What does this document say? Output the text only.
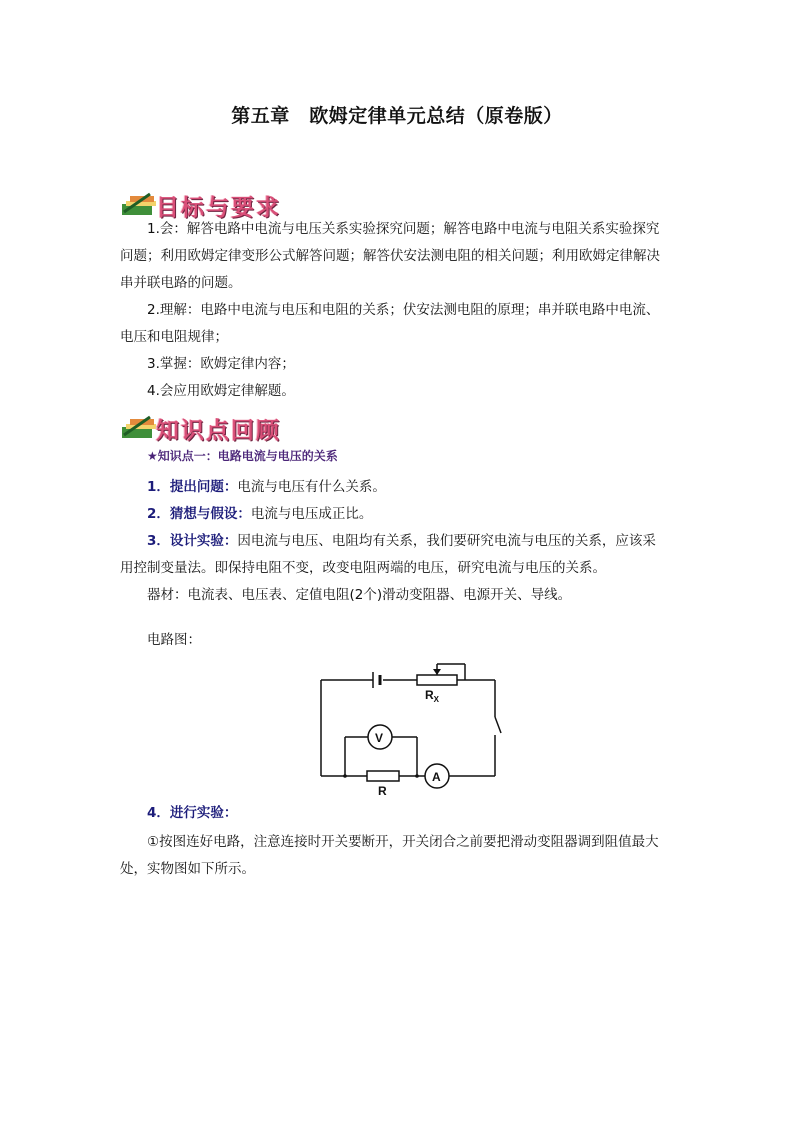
第五章　欧姆定律单元总结（原卷版）
目标与要求
1.会：解答电路中电流与电压关系实验探究问题；解答电路中电流与电阻关系实验探究
问题；利用欧姆定律变形公式解答问题；解答伏安法测电阻的相关问题；利用欧姆定律解决
串并联电路的问题。
2.理解：电路中电流与电压和电阻的关系；伏安法测电阻的原理；串并联电路中电流、
电压和电阻规律；
3.掌握：欧姆定律内容；
4.会应用欧姆定律解题。
知识点回顾
★知识点一：电路电流与电压的关系
1．提出问题：电流与电压有什么关系。
2．猜想与假设：电流与电压成正比。
3．设计实验：因电流与电压、电阻均有关系，我们要研究电流与电压的关系，应该采
用控制变量法。即保持电阻不变，改变电阻两端的电压，研究电流与电压的关系。
器材：电流表、电压表、定值电阻(2个)滑动变阻器、电源开关、导线。
电路图：
$R_X$
R
V
A
4．进行实验：
①按图连好电路，注意连接时开关要断开，开关闭合之前要把滑动变阻器调到阻值最大
处，实物图如下所示。
